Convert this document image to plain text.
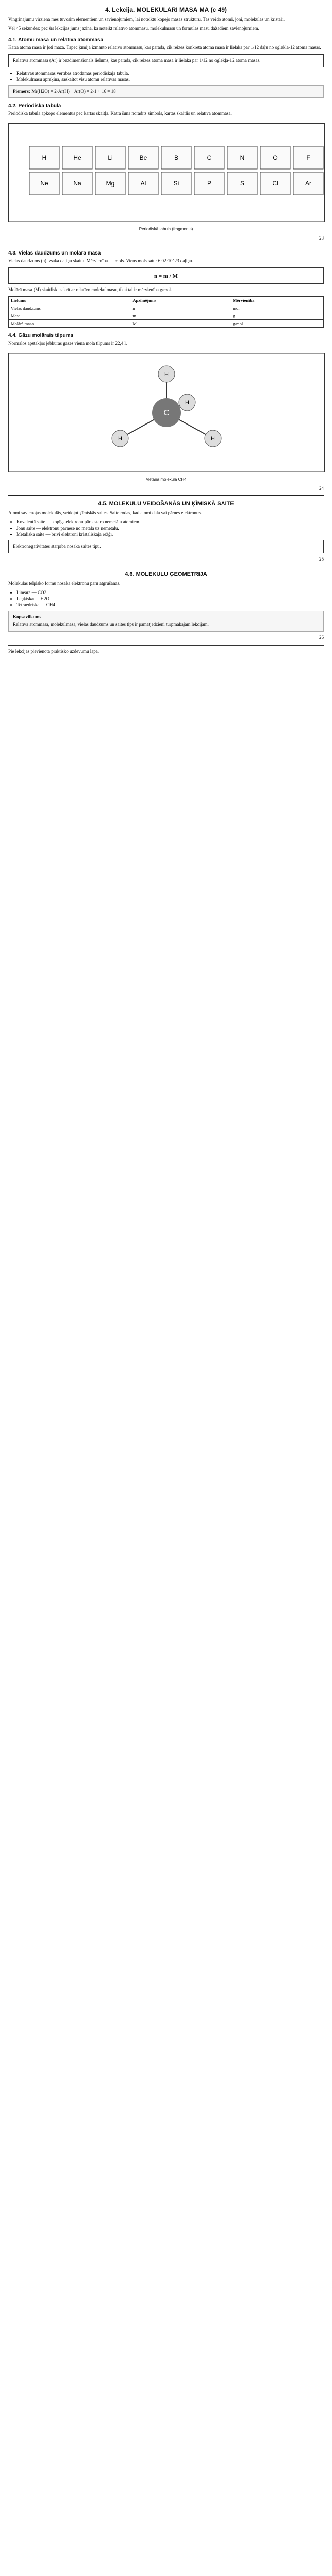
4. Lekcija. MOLEKULĀRI MASĀ MĀ (c 49)

Vingrinājumu virzienā mēs tuvosim elementiem un savienojumiem, lai noteiktu kopējo masas struktūru. Tās veido atomi, joni, molekulas un kristāli.

Vēl 45 sekundes: pēc šīs lekcijas jums jāzina, kā noteikt relatīvo atommasu, molekulmasu un formulas masu dažādiem savienojumiem.

4.1. Atomu masa un relatīvā atommasa

Katra atoma masa ir ļoti maza. Tāpēc ķīmijā izmanto relatīvo atommasu, kas parāda, cik reizes konkrētā atoma masa ir lielāka par 1/12 daļu no oglekļa-12 atoma masas.

Relatīvā atommasa (Ar) ir bezdimensionāls lielums, kas parāda, cik reizes atoma masa ir lielāka par 1/12 no oglekļa-12 atoma masas.

• Relatīvās atommasas vērtības atrodamas periodiskajā tabulā.
• Molekulmasu aprēķina, saskaitot visu atomu relatīvās masas.

Piemērs: Mr(H2O) = 2·Ar(H) + Ar(O) = 2·1 + 16 = 18

4.2. Periodiskā tabula

Periodiskā tabula apkopo elementus pēc kārtas skaitļa. Katrā šūnā norādīts simbols, kārtas skaitlis un relatīvā atommasa.

H	He	Li	Be	B	C	N	O	F
Ne	Na	Mg	Al	Si	P	S	Cl	Ar
Periodiskā tabula (fragments)
23
4.3. Vielas daudzums un molārā masa

Vielas daudzums (n) izsaka daļiņu skaitu. Mērvienība — mols. Viens mols satur 6,02·10^23 daļiņu.

n = m / M

Molārā masa (M) skaitliski sakrīt ar relatīvo molekulmasu, tikai tai ir mērvienība g/mol.

Lielums	Apzīmējums	Mērvienība
Vielas daudzums	n	mol
Masa	m	g
Molārā masa	M	g/mol
4.4. Gāzu molārais tilpums

Normālos apstākļos jebkuras gāzes viena mola tilpums ir 22,4 l.

C
H
H	H
H
Metāna molekula CH4
24
4.5. MOLEKULU VEIDOŠANĀS UN ĶĪMISKĀ SAITE

Atomi savienojas molekulās, veidojot ķīmiskās saites. Saite rodas, kad atomi dala vai pārnes elektronus.

• Kovalentā saite — kopīgs elektronu pāris starp nemetālu atomiem.
• Jonu saite — elektronu pārnese no metāla uz nemetālu.
• Metāliskā saite — brīvi elektroni kristāliskajā režģī.

Elektronegativitātes starpība nosaka saites tipu.

25
4.6. MOLEKULU ĢEOMETRIJA

Molekulas telpisko formu nosaka elektronu pāru atgrūšanās.

• Lineāra — CO2
• Leņķiska — H2O
• Tetraedriska — CH4

Kopsavilkums

Relatīvā atommasa, molekulmasa, vielas daudzums un saites tips ir pamatjēdzieni turpmākajām lekcijām.

26
Pie lekcijas pievienota praktisko uzdevumu lapa.
